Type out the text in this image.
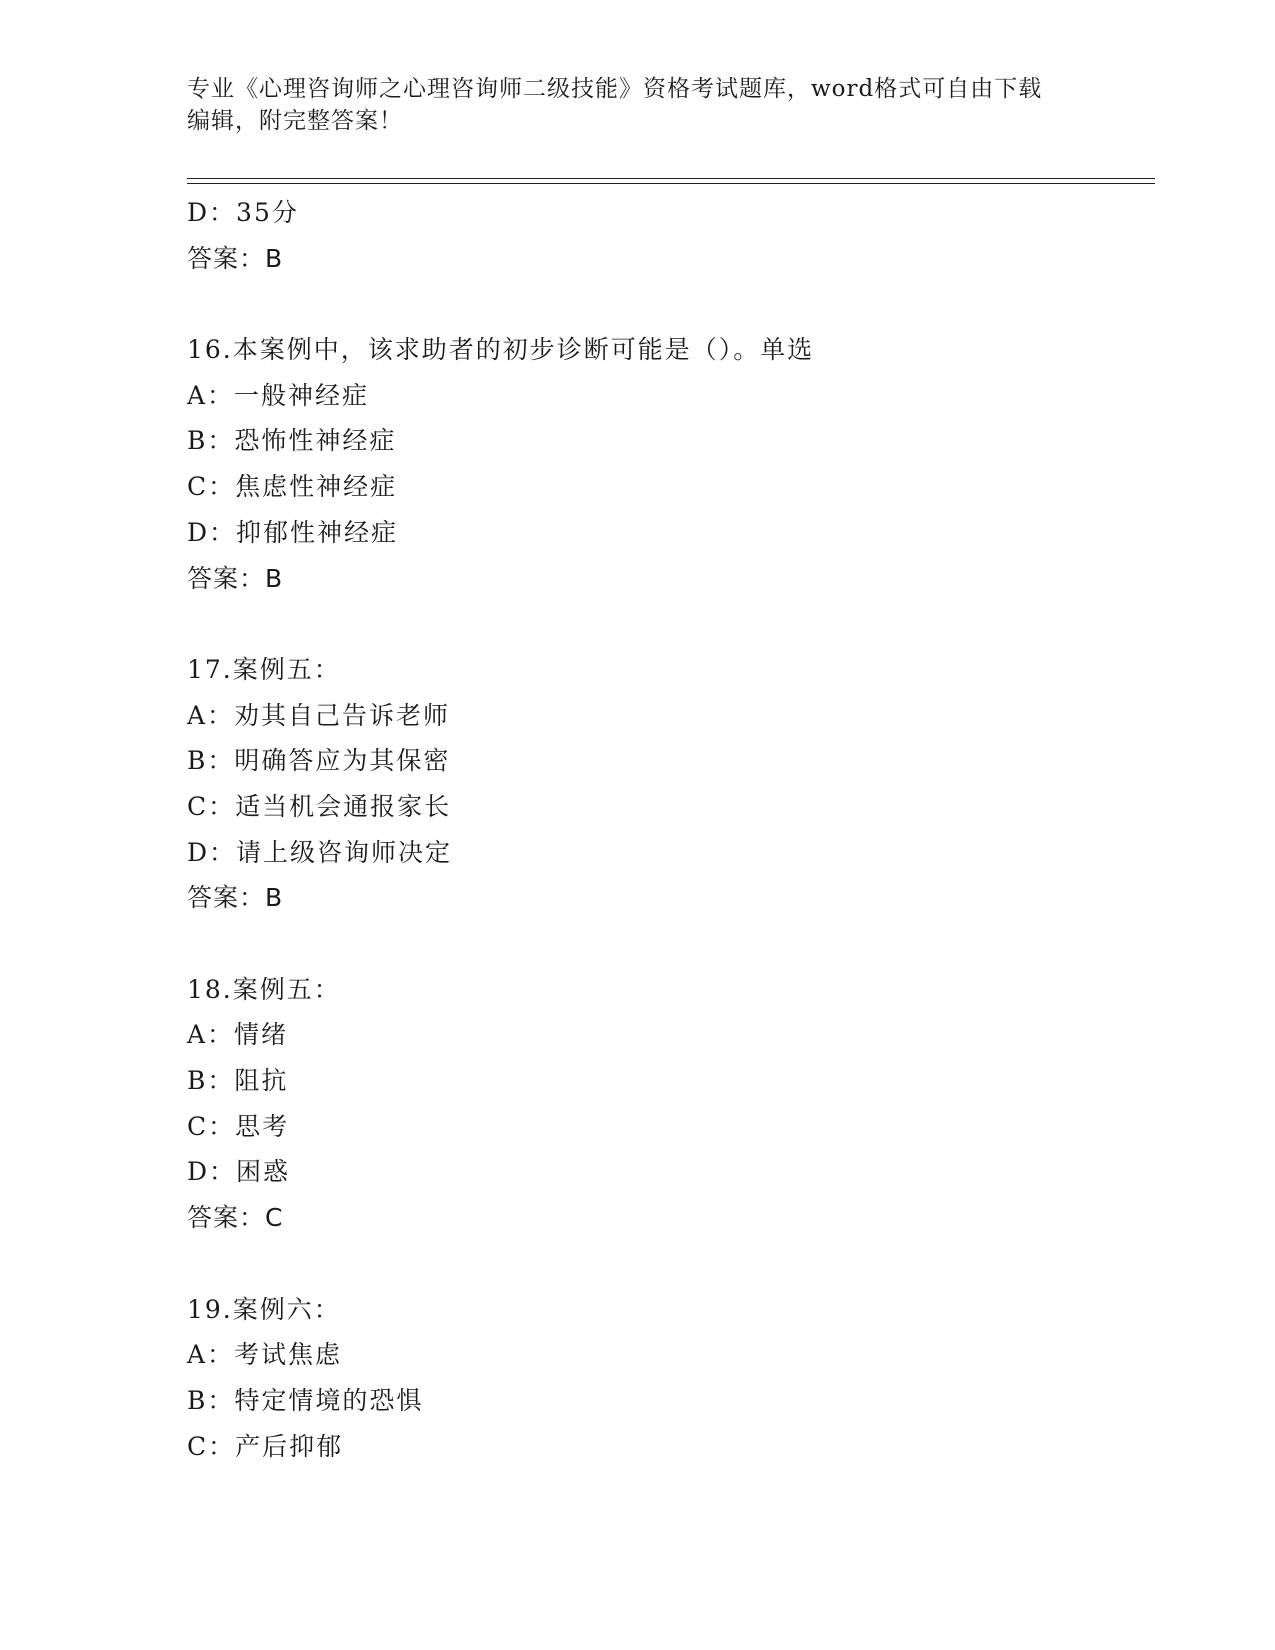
专业《心理咨询师之心理咨询师二级技能》资格考试题库，word格式可自由下载
编辑，附完整答案！
D：35分
答案：B
16.本案例中，该求助者的初步诊断可能是（）。单选
A：一般神经症
B：恐怖性神经症
C：焦虑性神经症
D：抑郁性神经症
答案：B
17.案例五：
A：劝其自己告诉老师
B：明确答应为其保密
C：适当机会通报家长
D：请上级咨询师决定
答案：B
18.案例五：
A：情绪
B：阻抗
C：思考
D：困惑
答案：C
19.案例六：
A：考试焦虑
B：特定情境的恐惧
C：产后抑郁
